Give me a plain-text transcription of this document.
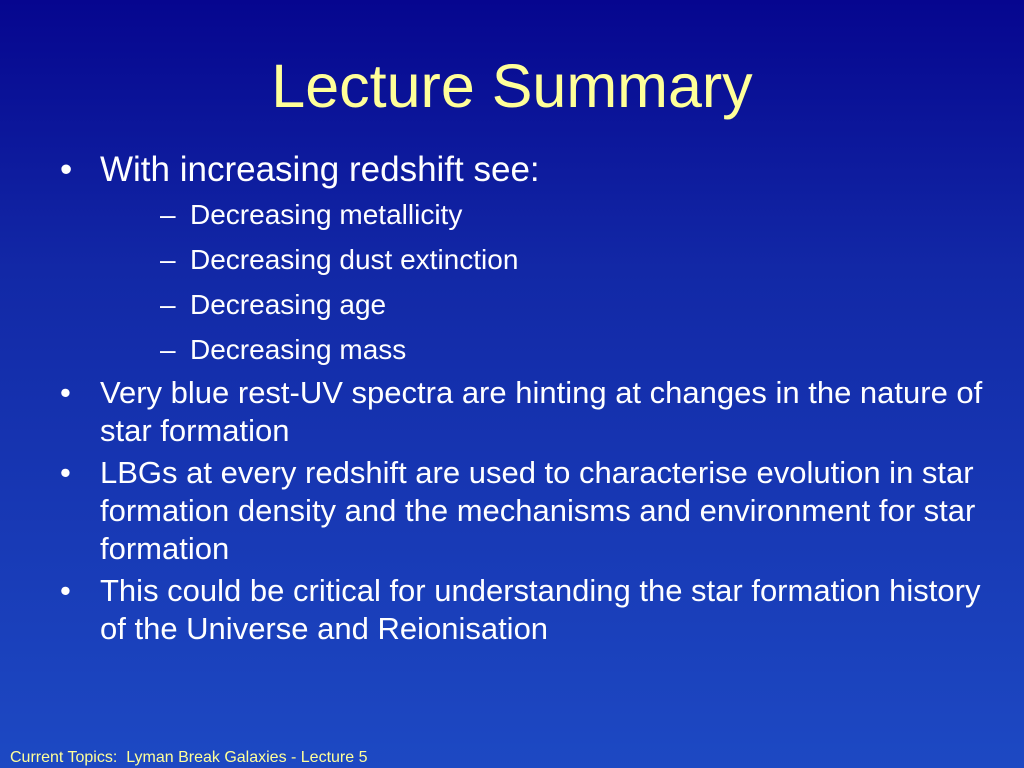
Lecture Summary
• With increasing redshift see:
– Decreasing metallicity
– Decreasing dust extinction
– Decreasing age
– Decreasing mass
• Very blue rest-UV spectra are hinting at changes in the nature of star formation
• LBGs at every redshift are used to characterise evolution in star formation density and the mechanisms and environment for star formation
• This could be critical for understanding the star formation history of the Universe and Reionisation
Current Topics:  Lyman Break Galaxies - Lecture 5
